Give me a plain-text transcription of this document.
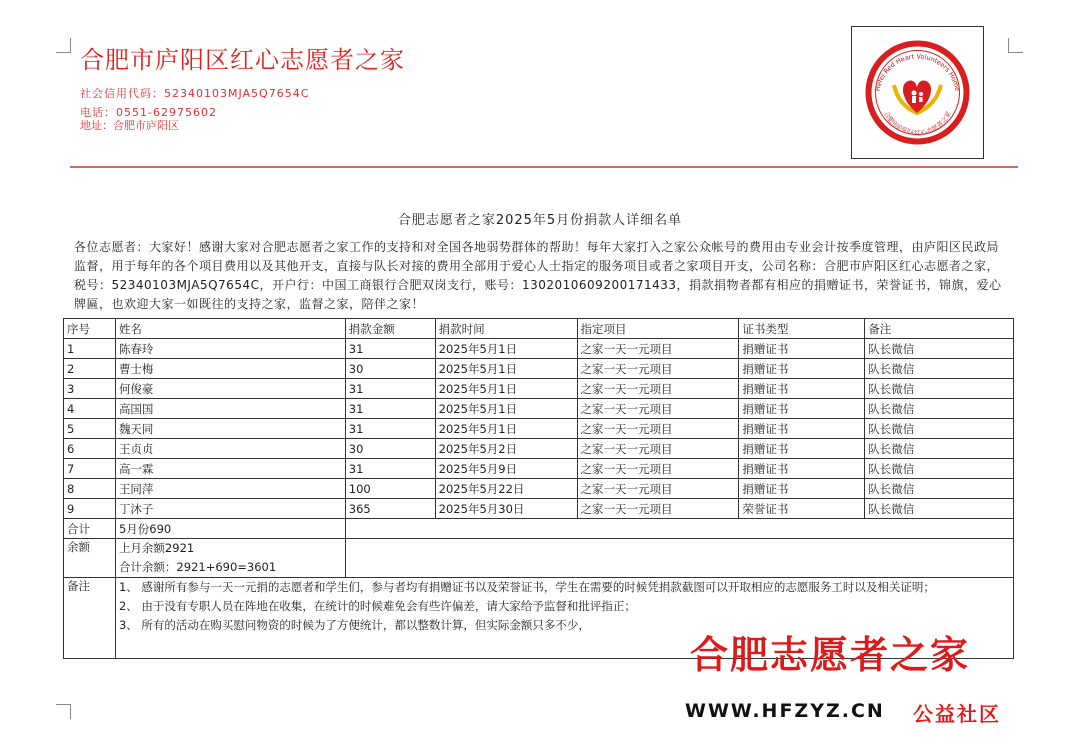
合肥市庐阳区红心志愿者之家
社会信用代码：52340103MJA5Q7654C
电话：0551-62975602
地址：合肥市庐阳区
Hefei Red Heart Volunteers Home
合肥市庐阳区红心志愿者之家
合肥志愿者之家2025年5月份捐款人详细名单
各位志愿者：大家好！感谢大家对合肥志愿者之家工作的支持和对全国各地弱势群体的帮助！每年大家打入之家公众帐号的费用由专业会计按季度管理，由庐阳区民政局监督，用于每年的各个项目费用以及其他开支，直接与队长对接的费用全部用于爱心人士指定的服务项目或者之家项目开支，公司名称：合肥市庐阳区红心志愿者之家，税号：52340103MJA5Q7654C，开户行：中国工商银行合肥双岗支行，账号：1302010609200171433，捐款捐物者都有相应的捐赠证书，荣誉证书，锦旗，爱心牌匾，也欢迎大家一如既往的支持之家，监督之家，陪伴之家！
序号	姓名	捐款金额	捐款时间	指定项目	证书类型	备注
1	陈春玲	31	2025年5月1日	之家一天一元项目	捐赠证书	队长微信
2	曹士梅	30	2025年5月1日	之家一天一元项目	捐赠证书	队长微信
3	何俊豪	31	2025年5月1日	之家一天一元项目	捐赠证书	队长微信
4	高国国	31	2025年5月1日	之家一天一元项目	捐赠证书	队长微信
5	魏天同	31	2025年5月1日	之家一天一元项目	捐赠证书	队长微信
6	王贞贞	30	2025年5月2日	之家一天一元项目	捐赠证书	队长微信
7	高一霖	31	2025年5月9日	之家一天一元项目	捐赠证书	队长微信
8	王同萍	100	2025年5月22日	之家一天一元项目	捐赠证书	队长微信
9	丁沐子	365	2025年5月30日	之家一天一元项目	荣誉证书	队长微信
合计	5月份690					
余额	上月余额2921
合计余额：2921+690=3601					

备注	1、 感谢所有参与一天一元捐的志愿者和学生们，参与者均有捐赠证书以及荣誉证书，学生在需要的时候凭捐款截图可以开取相应的志愿服务工时以及相关证明；
2、 由于没有专职人员在阵地在收集，在统计的时候难免会有些许偏差，请大家给予监督和批评指正；
3、 所有的活动在购买慰问物资的时候为了方便统计，都以整数计算，但实际金额只多不少，					
合肥志愿者之家
WWW.HFZYZ.CN 公益社区
